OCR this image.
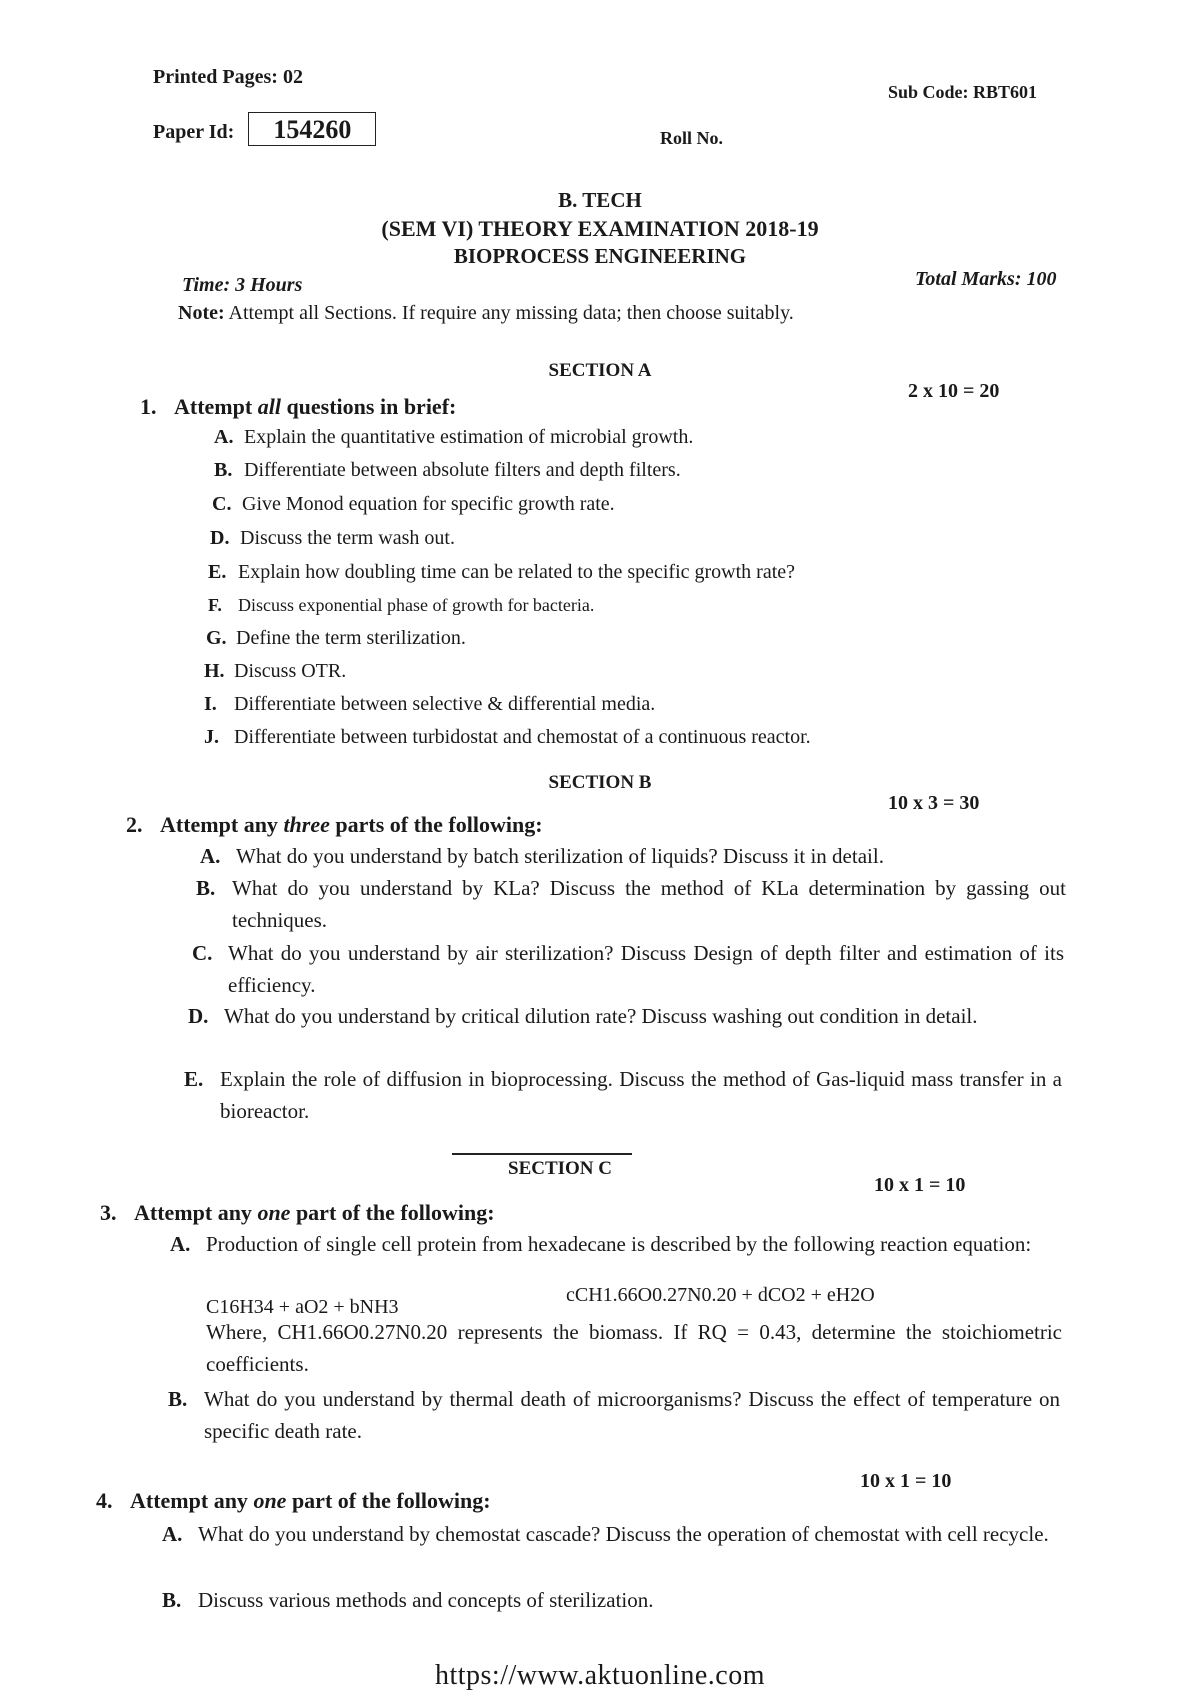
Printed Pages: 02
Sub Code: RBT601
Paper Id: 154260	Roll No.
B. TECH
(SEM VI) THEORY EXAMINATION 2018-19
BIOPROCESS ENGINEERING
Time: 3 Hours	Total Marks: 100
Note: Attempt all Sections. If require any missing data; then choose suitably.
SECTION A
2 x 10 = 20
1. Attempt all questions in brief:
A. Explain the quantitative estimation of microbial growth.
B. Differentiate between absolute filters and depth filters.
C. Give Monod equation for specific growth rate.
D. Discuss the term wash out.
E. Explain how doubling time can be related to the specific growth rate?
F. Discuss exponential phase of growth for bacteria.
G. Define the term sterilization.
H. Discuss OTR.
I. Differentiate between selective & differential media.
J. Differentiate between turbidostat and chemostat of a continuous reactor.
SECTION B
10 x 3 = 30
2. Attempt any three parts of the following:
A. What do you understand by batch sterilization of liquids? Discuss it in detail.
B. What do you understand by KLa? Discuss the method of KLa determination by gassing out techniques.
C. What do you understand by air sterilization? Discuss Design of depth filter and estimation of its efficiency.
D. What do you understand by critical dilution rate? Discuss washing out condition in detail.
E. Explain the role of diffusion in bioprocessing. Discuss the method of Gas-liquid mass transfer in a bioreactor.
SECTION C
10 x 1 = 10
3. Attempt any one part of the following:
A. Production of single cell protein from hexadecane is described by the following reaction equation:
C16H34 + aO2 + bNH3
cCH1.66O0.27N0.20 + dCO2 + eH2O
Where, CH1.66O0.27N0.20 represents the biomass. If RQ = 0.43, determine the stoichiometric coefficients.
B. What do you understand by thermal death of microorganisms? Discuss the effect of temperature on specific death rate.
10 x 1 = 10
4. Attempt any one part of the following:
A. What do you understand by chemostat cascade? Discuss the operation of chemostat with cell recycle.
B. Discuss various methods and concepts of sterilization.
https://www.aktuonline.com
